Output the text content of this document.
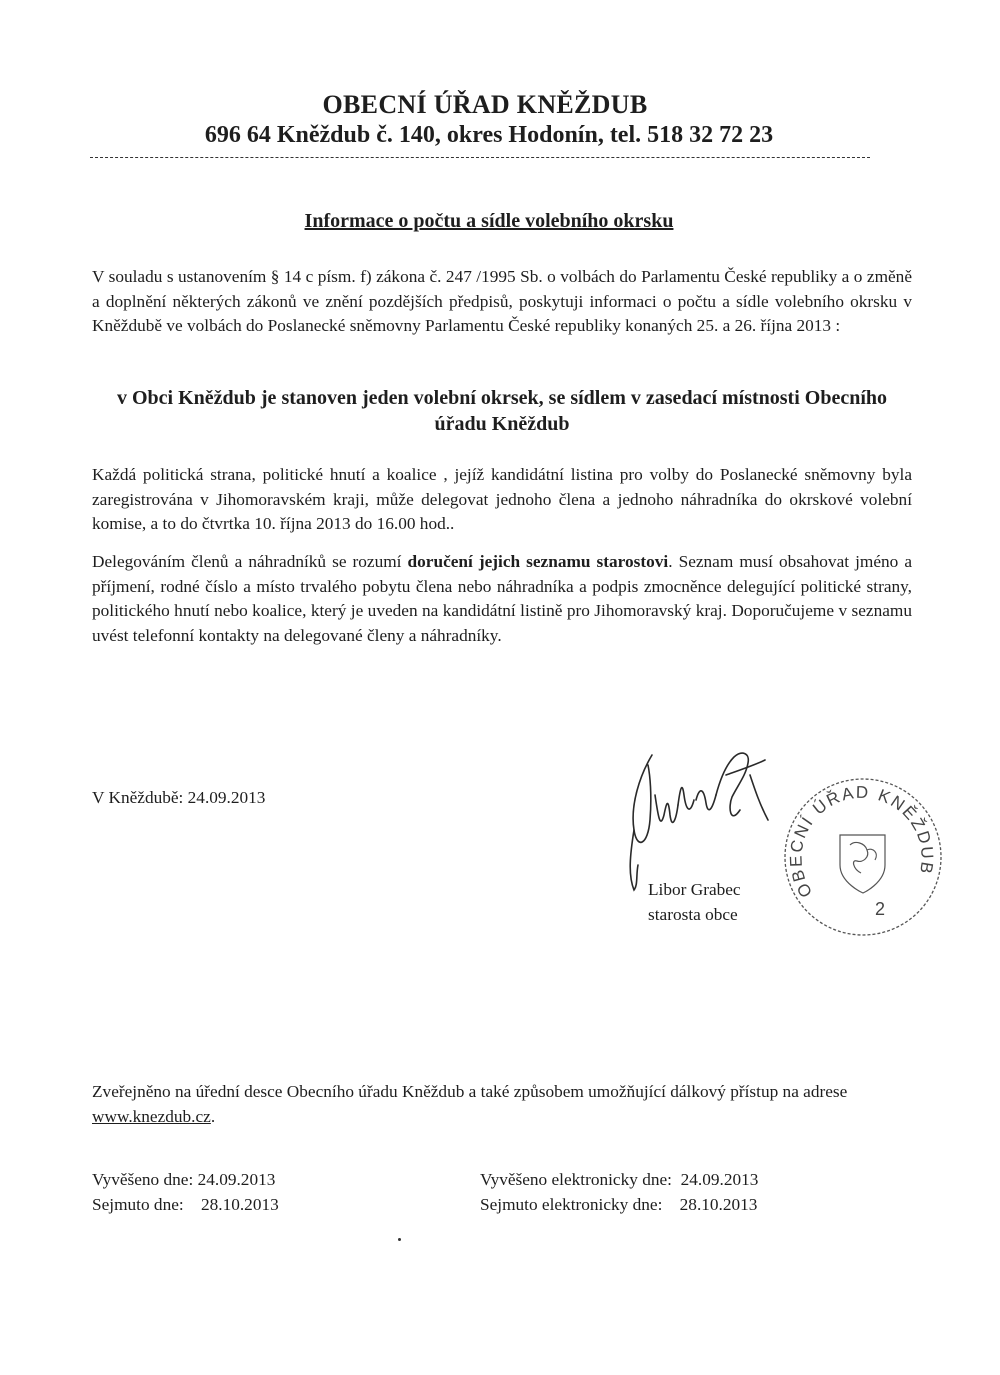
OBECNÍ ÚŘAD KNĚŽDUB
696 64 Kněždub č. 140, okres Hodonín, tel. 518 32 72 23
Informace o počtu a sídle volebního okrsku
V souladu s ustanovením § 14 c písm. f) zákona č. 247 /1995 Sb. o volbách do Parlamentu České republiky a o změně a doplnění některých zákonů ve znění pozdějších předpisů, poskytuji informaci o počtu a sídle volebního okrsku v Kněždubě ve volbách do Poslanecké sněmovny Parlamentu České republiky konaných 25. a 26. října 2013 :
v Obci Kněždub je stanoven jeden volební okrsek, se sídlem v zasedací místnosti Obecního úřadu Kněždub
Každá politická strana, politické hnutí a koalice , jejíž kandidátní listina pro volby do Poslanecké sněmovny byla zaregistrována v Jihomoravském kraji, může delegovat jednoho člena a jednoho náhradníka do okrskové volební komise, a to do čtvrtka 10. října 2013 do 16.00 hod..
Delegováním členů a náhradníků se rozumí doručení jejich seznamu starostovi. Seznam musí obsahovat jméno a příjmení, rodné číslo a místo trvalého pobytu člena nebo náhradníka a podpis zmocněnce delegující politické strany, politického hnutí nebo koalice, který je uveden na kandidátní listině pro Jihomoravský kraj. Doporučujeme v seznamu uvést telefonní kontakty na delegované členy a náhradníky.
V Kněždubě: 24.09.2013
Libor Grabec
starosta obce
OBECNÍ ÚŘAD KNĚŽDUB
2
Zveřejněno na úřední desce Obecního úřadu Kněždub a také způsobem umožňující dálkový přístup na adrese www.knezdub.cz.
Vyvěšeno dne: 24.09.2013
Sejmuto dne: 28.10.2013
Vyvěšeno elektronicky dne: 24.09.2013
Sejmuto elektronicky dne: 28.10.2013
